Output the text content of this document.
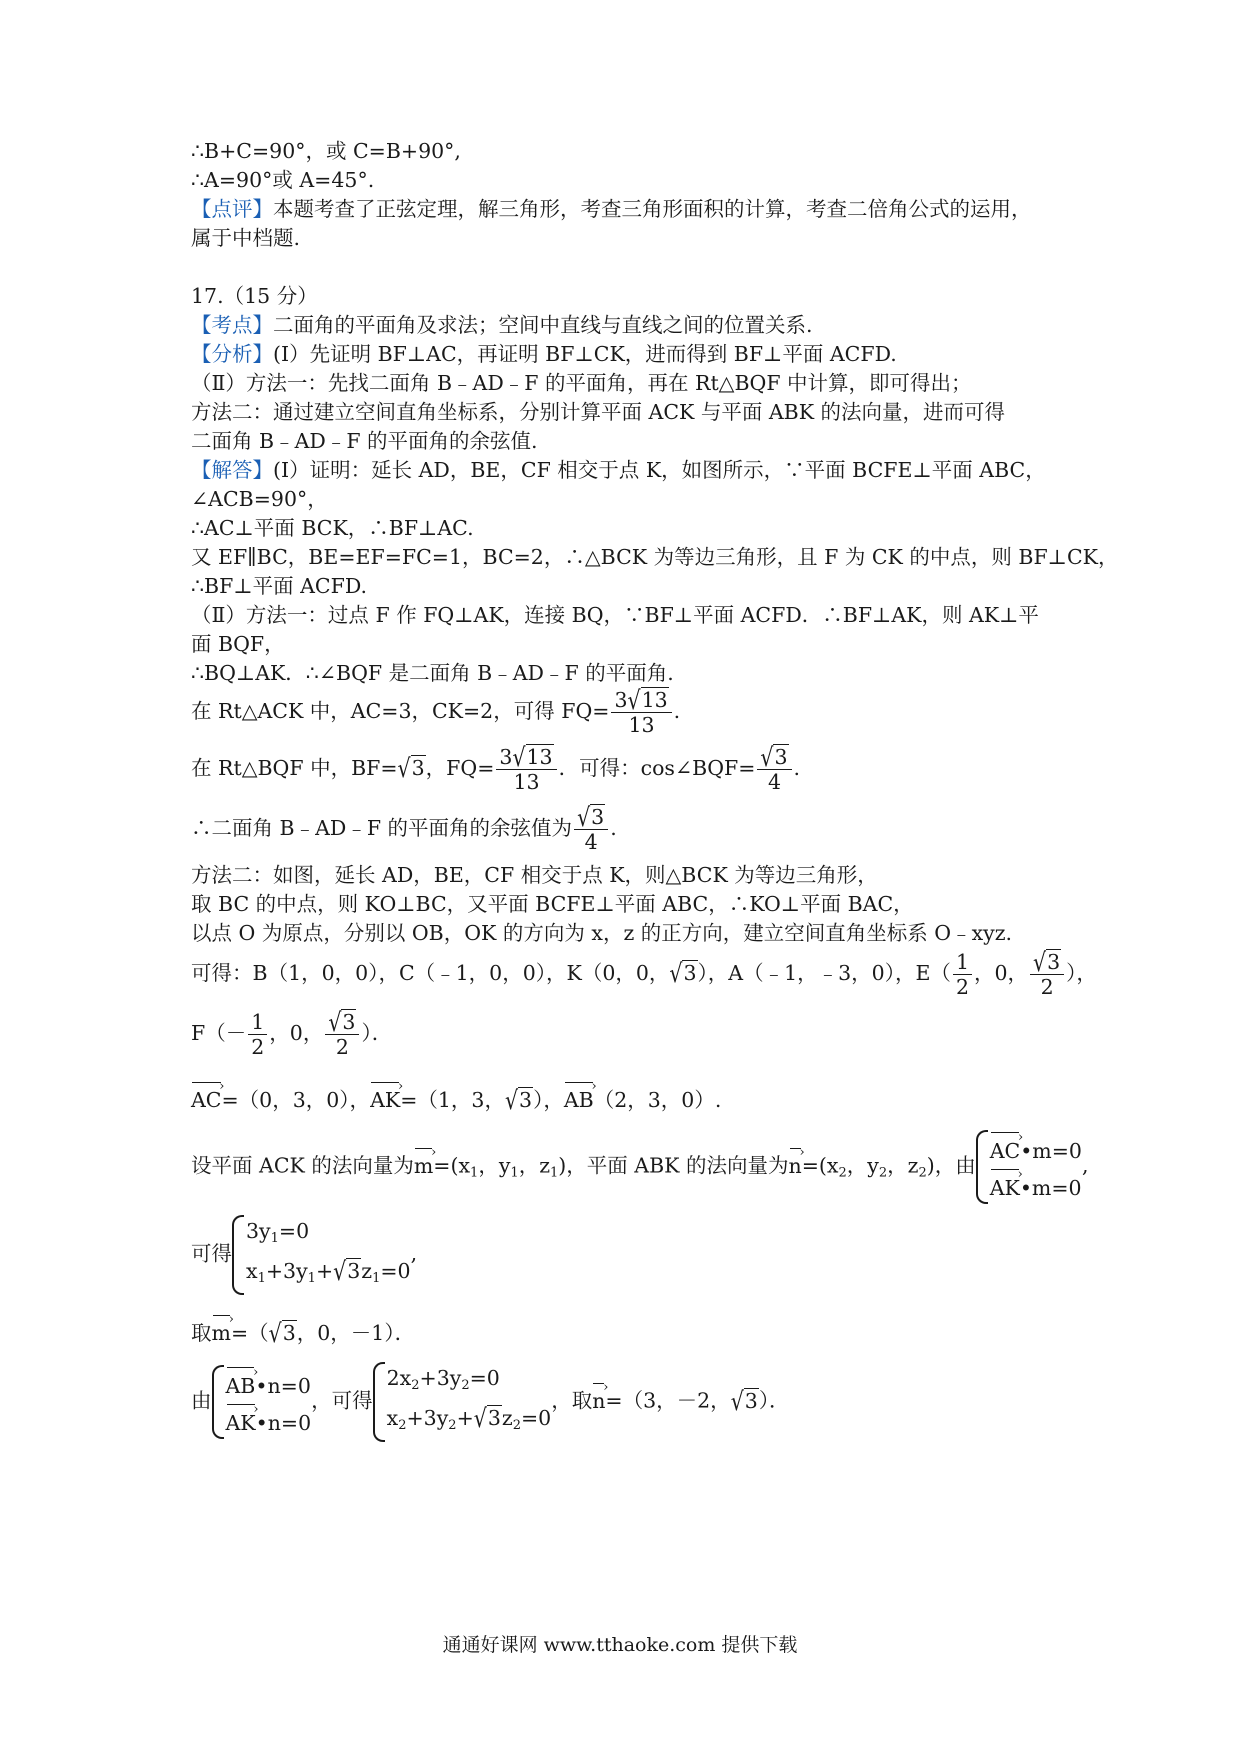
∴B+C=90°，或 C=B+90°,
∴A=90°或 A=45°.
【点评】本题考查了正弦定理，解三角形，考查三角形面积的计算，考查二倍角公式的运用，
属于中档题.
17.（15 分）
【考点】二面角的平面角及求法；空间中直线与直线之间的位置关系.
【分析】(Ⅰ）先证明 BF⊥AC，再证明 BF⊥CK，进而得到 BF⊥平面 ACFD.
（Ⅱ）方法一：先找二面角 B﹣AD﹣F 的平面角，再在 Rt△BQF 中计算，即可得出；
方法二：通过建立空间直角坐标系，分别计算平面 ACK 与平面 ABK 的法向量，进而可得
二面角 B﹣AD﹣F 的平面角的余弦值.
【解答】(Ⅰ）证明：延长 AD，BE，CF 相交于点 K，如图所示，∵平面 BCFE⊥平面 ABC，
∠ACB=90°，
∴AC⊥平面 BCK，∴BF⊥AC.
又 EF∥BC，BE=EF=FC=1，BC=2，∴△BCK 为等边三角形，且 F 为 CK 的中点，则 BF⊥CK，
∴BF⊥平面 ACFD.
（Ⅱ）方法一：过点 F 作 FQ⊥AK，连接 BQ，∵BF⊥平面 ACFD．∴BF⊥AK，则 AK⊥平
面 BQF，
∴BQ⊥AK．∴∠BQF 是二面角 B﹣AD﹣F 的平面角.
在 Rt△ACK 中，AC=3，CK=2，可得 $FQ= \frac{3√13}{13}$ .
在 Rt△BQF 中，BF=√3，$FQ= \frac{3√13}{13}$ ．可得：cos∠BQF= $\frac{√3}{4}$ .
∴二面角 B﹣AD﹣F 的平面角的余弦值为 $\frac{√3}{4}$ .
方法二：如图，延长 AD，BE，CF 相交于点 K，则△BCK 为等边三角形，
取 BC 的中点，则 KO⊥BC，又平面 BCFE⊥平面 ABC，∴KO⊥平面 BAC，
以点 O 为原点，分别以 OB，OK 的方向为 x，z 的正方向，建立空间直角坐标系 O﹣xyz.
可得：B（1，0，0），C（﹣1，0，0），K（0，0，√3），A（﹣1，﹣3，0），$E( \frac{1}{2}$ ，0， $\frac{√3}{2}$ ），
$F(- \frac{1}{2}$ ，0， $\frac{√3}{2}$ ）．
AC ›=（0，3，0），AK ›=（1，3，√3），AB ›（2，3，0）.
设平面 ACK 的法向量为m $›=(x_1$，$y_1$，$z_1$)，平面 ABK 的法向量为n $›=(x_2$，$y_2$，$z_2$)，由
AC ›•m=0
AK ›•m=0
,
可得
$3y_1=0$
$x_1+3y_1+√3z_1=0$
,
取m ›=（√3，0，－1）．
由
AB ›•n=0
AK ›•n=0
，可得
$2x_2+3y_2=0$
$x_2+3y_2+√3z_2=0$
，取n ›=（3，－2，√3）．
通通好课网 www.tthaoke.com 提供下载
